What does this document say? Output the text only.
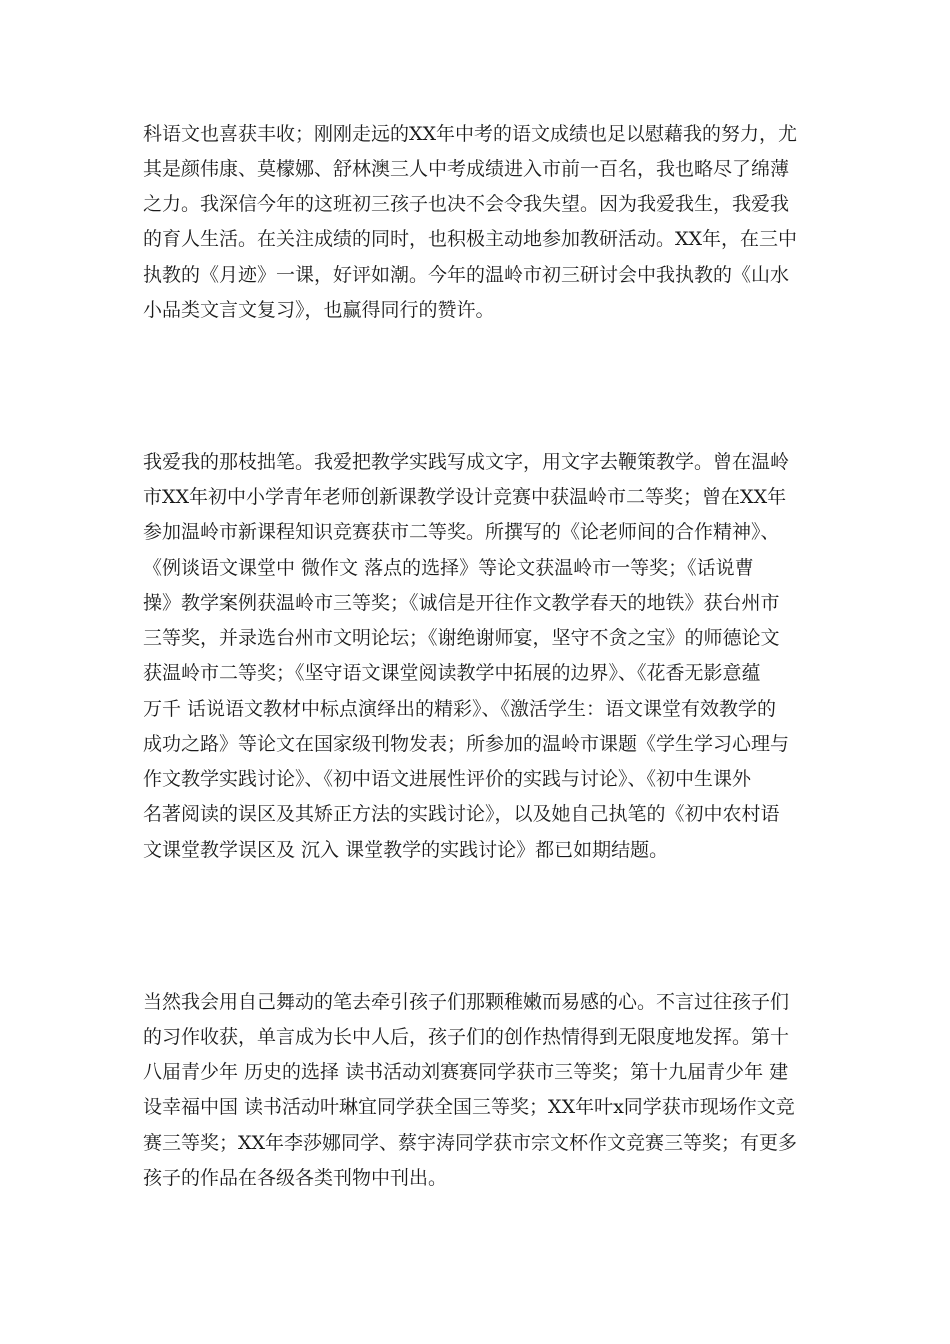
科语文也喜获丰收；刚刚走远的XX年中考的语文成绩也足以慰藉我的努力，尤

其是颜伟康、莫檬娜、舒林澳三人中考成绩进入市前一百名，我也略尽了绵薄

之力。我深信今年的这班初三孩子也决不会令我失望。因为我爱我生，我爱我

的育人生活。在关注成绩的同时，也积极主动地参加教研活动。XX年，在三中

执教的《月迹》一课，好评如潮。今年的温岭市初三研讨会中我执教的《山水

小品类文言文复习》，也赢得同行的赞许。

我爱我的那枝拙笔。我爱把教学实践写成文字，用文字去鞭策教学。曾在温岭

市XX年初中小学青年老师创新课教学设计竞赛中获温岭市二等奖；曾在XX年

参加温岭市新课程知识竞赛获市二等奖。所撰写的《论老师间的合作精神》、

《例谈语文课堂中 微作文 落点的选择》等论文获温岭市一等奖；《话说曹

操》教学案例获温岭市三等奖；《诚信是开往作文教学春天的地铁》获台州市

三等奖，并录选台州市文明论坛；《谢绝谢师宴，坚守不贪之宝》的师德论文

获温岭市二等奖；《坚守语文课堂阅读教学中拓展的边界》、《花香无影意蕴

万千 话说语文教材中标点演绎出的精彩》、《激活学生：语文课堂有效教学的

成功之路》等论文在国家级刊物发表；所参加的温岭市课题《学生学习心理与

作文教学实践讨论》、《初中语文进展性评价的实践与讨论》、《初中生课外

名著阅读的误区及其矫正方法的实践讨论》，以及她自己执笔的《初中农村语

文课堂教学误区及 沉入 课堂教学的实践讨论》都已如期结题。

当然我会用自己舞动的笔去牵引孩子们那颗稚嫩而易感的心。不言过往孩子们

的习作收获，单言成为长中人后，孩子们的创作热情得到无限度地发挥。第十

八届青少年 历史的选择 读书活动刘赛赛同学获市三等奖；第十九届青少年 建

设幸福中国 读书活动叶琳宜同学获全国三等奖；XX年叶x同学获市现场作文竞

赛三等奖；XX年李莎娜同学、蔡宇涛同学获市宗文杯作文竞赛三等奖；有更多

孩子的作品在各级各类刊物中刊出。
